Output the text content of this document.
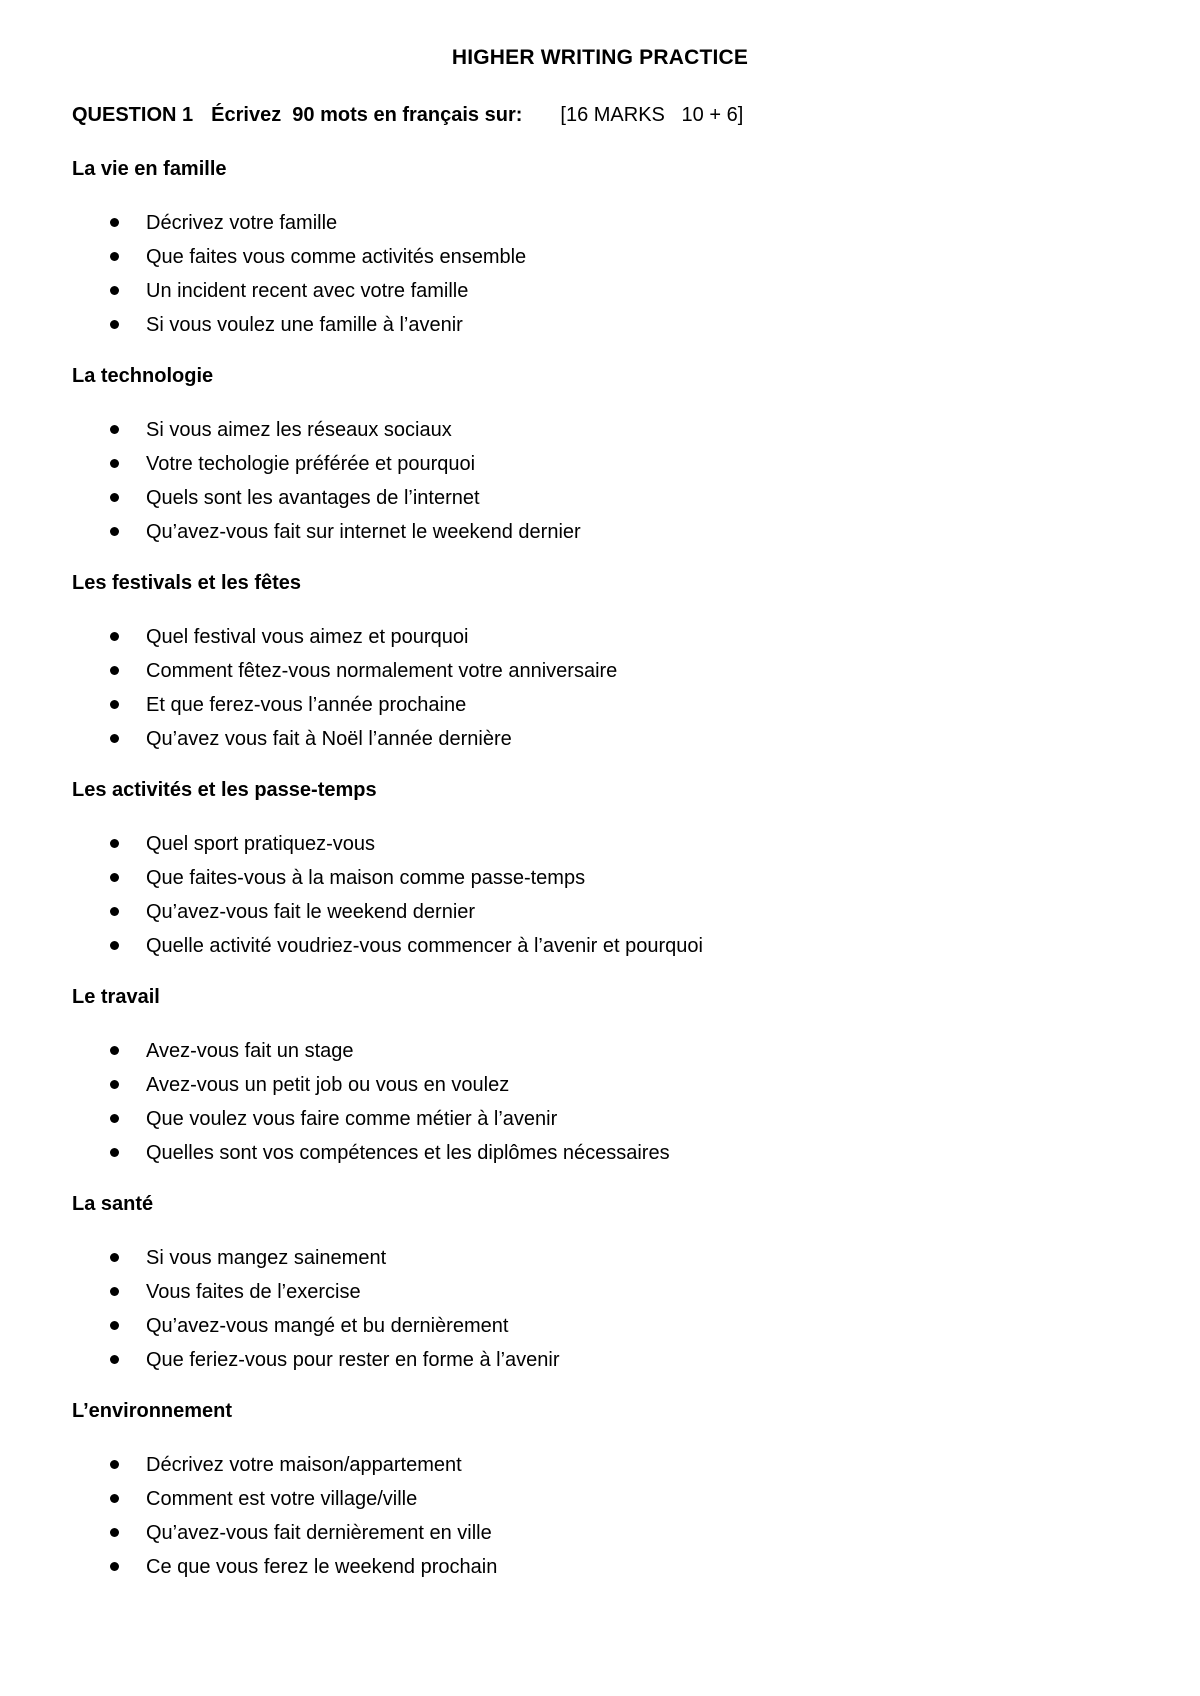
HIGHER WRITING PRACTICE
QUESTION 1 Écrivez  90 mots en français sur: [16 MARKS   10 + 6]
La vie en famille
Décrivez votre famille
Que faites vous comme activités ensemble
Un incident recent avec votre famille
Si vous voulez une famille à l’avenir
La technologie
Si vous aimez les réseaux sociaux
Votre techologie préférée et pourquoi
Quels sont les avantages de l’internet
Qu’avez-vous fait sur internet le weekend dernier
Les festivals et les fêtes
Quel festival vous aimez et pourquoi
Comment fêtez-vous normalement votre anniversaire
Et que ferez-vous l’année prochaine
Qu’avez vous fait à Noël l’année dernière
Les activités et les passe-temps
Quel sport pratiquez-vous
Que faites-vous à la maison comme passe-temps
Qu’avez-vous fait le weekend dernier
Quelle activité voudriez-vous commencer à l’avenir et pourquoi
Le travail
Avez-vous fait un stage
Avez-vous un petit job ou vous en voulez
Que voulez vous faire comme métier à l’avenir
Quelles sont vos compétences et les diplômes nécessaires
La santé
Si vous mangez sainement
Vous faites de l’exercise
Qu’avez-vous mangé et bu dernièrement
Que feriez-vous pour rester en forme à l’avenir
L’environnement
Décrivez votre maison/appartement
Comment est votre village/ville
Qu’avez-vous fait dernièrement en ville
Ce que vous ferez le weekend prochain
